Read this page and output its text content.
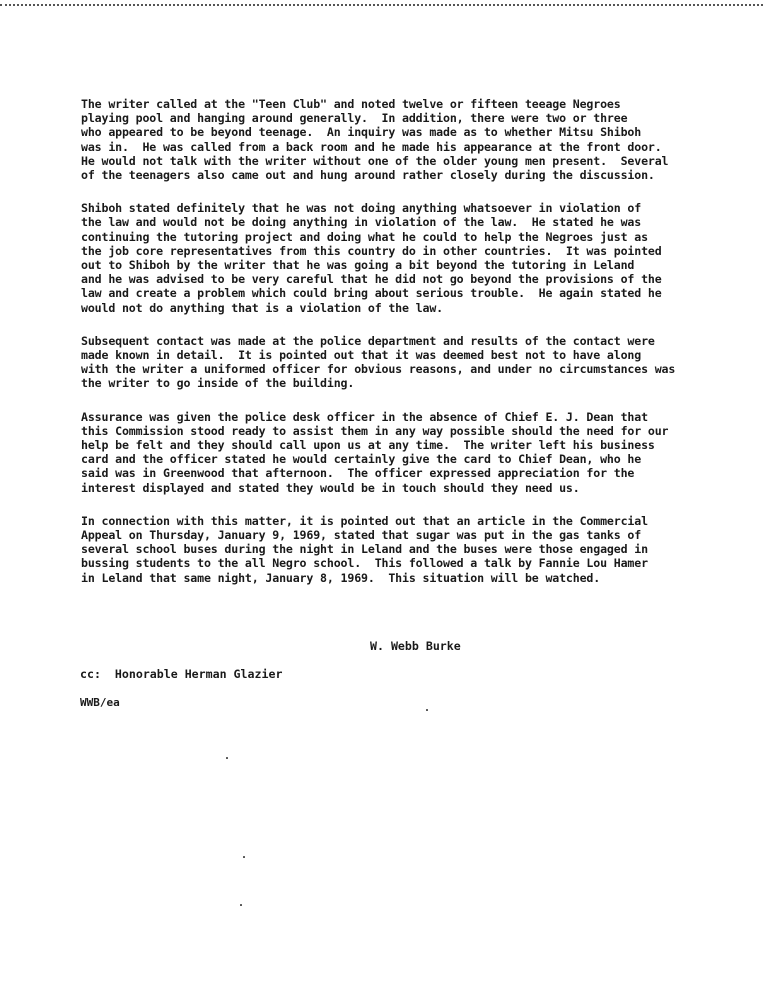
The writer called at the "Teen Club" and noted twelve or fifteen teeage Negroes
playing pool and hanging around generally.  In addition, there were two or three
who appeared to be beyond teenage.  An inquiry was made as to whether Mitsu Shiboh
was in.  He was called from a back room and he made his appearance at the front door.
He would not talk with the writer without one of the older young men present.  Several
of the teenagers also came out and hung around rather closely during the discussion.

Shiboh stated definitely that he was not doing anything whatsoever in violation of
the law and would not be doing anything in violation of the law.  He stated he was
continuing the tutoring project and doing what he could to help the Negroes just as
the job core representatives from this country do in other countries.  It was pointed
out to Shiboh by the writer that he was going a bit beyond the tutoring in Leland
and he was advised to be very careful that he did not go beyond the provisions of the
law and create a problem which could bring about serious trouble.  He again stated he
would not do anything that is a violation of the law.

Subsequent contact was made at the police department and results of the contact were
made known in detail.  It is pointed out that it was deemed best not to have along
with the writer a uniformed officer for obvious reasons, and under no circumstances was
the writer to go inside of the building.

Assurance was given the police desk officer in the absence of Chief E. J. Dean that
this Commission stood ready to assist them in any way possible should the need for our
help be felt and they should call upon us at any time.  The writer left his business
card and the officer stated he would certainly give the card to Chief Dean, who he
said was in Greenwood that afternoon.  The officer expressed appreciation for the
interest displayed and stated they would be in touch should they need us.

In connection with this matter, it is pointed out that an article in the Commercial
Appeal on Thursday, January 9, 1969, stated that sugar was put in the gas tanks of
several school buses during the night in Leland and the buses were those engaged in
bussing students to the all Negro school.  This followed a talk by Fannie Lou Hamer
in Leland that same night, January 8, 1969.  This situation will be watched.

W. Webb Burke
cc:  Honorable Herman Glazier
WWB/ea
